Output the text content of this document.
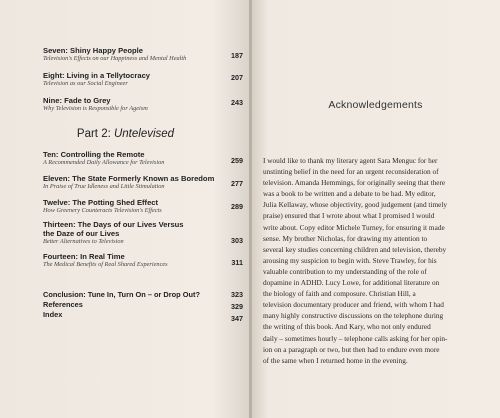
Seven: Shiny Happy People
Television's Effects on our Happiness and Mental Health	187
Eight: Living in a Tellytocracy
Television as our Social Engineer
207
Nine: Fade to Grey
Why Television is Responsible for Ageism
243
Part 2: Untelevised
Ten: Controlling the Remote
A Recommended Daily Allowance for Television	259
Eleven: The State Formerly Known as Boredom
In Praise of True Idleness and Little Stimulation	277
Twelve: The Potting Shed Effect
How Greenery Counteracts Television's Effects	289
Thirteen: The Days of our Lives Versus
the Daze of our Lives
Better Alternatives to Television	303
Fourteen: In Real Time
The Medical Benefits of Real Shared Experiences	311
Conclusion: Tune In, Turn On – or Drop Out?	323
References	329
Index	347
Acknowledgements
I would like to thank my literary agent Sara Menguc for her
unstinting belief in the need for an urgent reconsideration of
television. Amanda Hemmings, for originally seeing that there
was a book to be written and a debate to be had. My editor,
Julia Kellaway, whose objectivity, good judgement (and timely
praise) ensured that I wrote about what I promised I would
write about. Copy editor Michele Turney, for ensuring it made
sense. My brother Nicholas, for drawing my attention to
several key studies concerning children and television, thereby
arousing my suspicion to begin with. Steve Trawley, for his
valuable contribution to my understanding of the role of
dopamine in ADHD. Lucy Lowe, for additional literature on
the biology of faith and composure. Christian Hill, a
television documentary producer and friend, with whom I had
many highly constructive discussions on the telephone during
the writing of this book. And Kary, who not only endured
daily – sometimes hourly – telephone calls asking for her opin-
ion on a paragraph or two, but then had to endure even more
of the same when I returned home in the evening.
